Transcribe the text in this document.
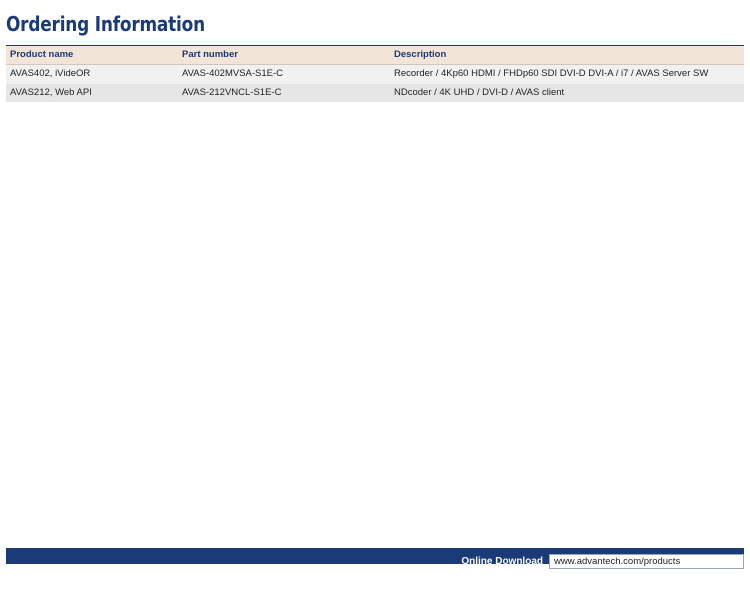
Ordering Information
Product name	Part number	Description
AVAS402, iVideOR	AVAS-402MVSA-S1E-C	Recorder / 4Kp60 HDMI / FHDp60 SDI DVI-D DVI-A / i7 / AVAS Server SW
AVAS212, Web API	AVAS-212VNCL-S1E-C	NDcoder / 4K UHD / DVI-D / AVAS client
Online Download	www.advantech.com/products
